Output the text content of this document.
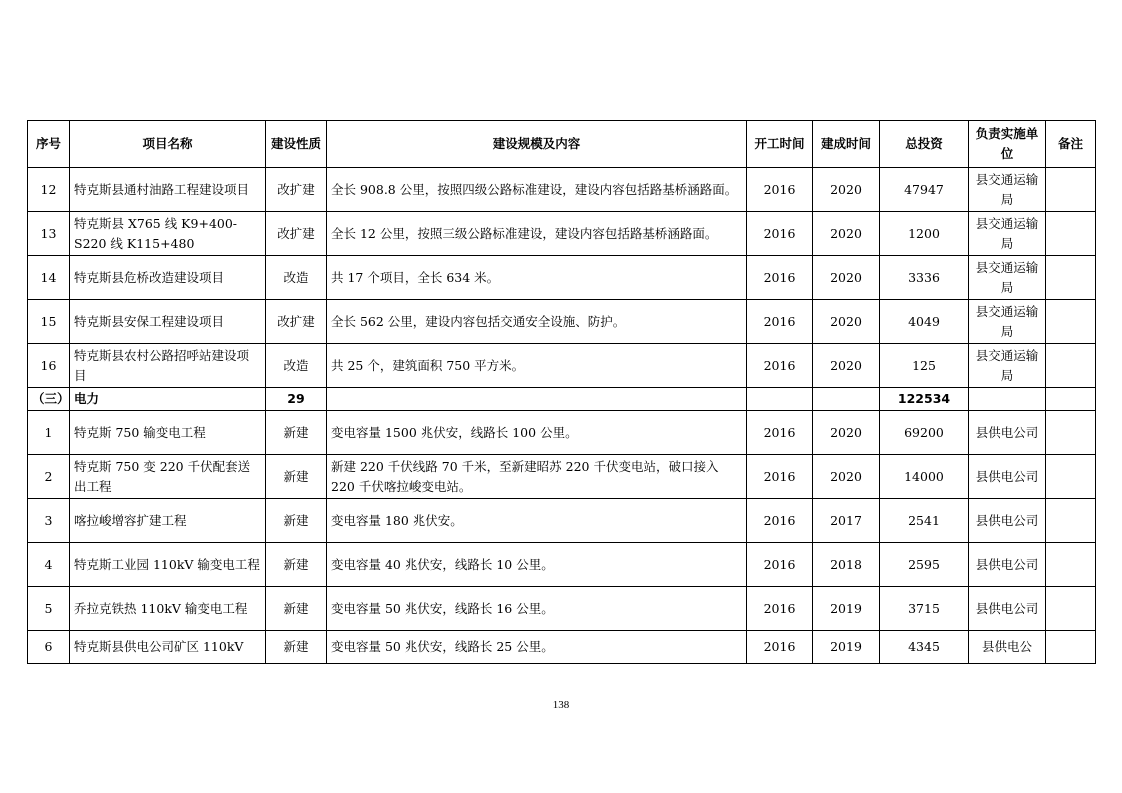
序号	项目名称	建设性质	建设规模及内容	开工时间	建成时间	总投资	负责实施单位	备注
12	特克斯县通村油路工程建设项目	改扩建	全长 908.8 公里，按照四级公路标准建设，建设内容包括路基桥涵路面。	2016	2020	47947	县交通运输局	
13	特克斯县 X765 线 K9+400-S220 线 K115+480	改扩建	全长 12 公里，按照三级公路标准建设，建设内容包括路基桥涵路面。	2016	2020	1200	县交通运输局	
14	特克斯县危桥改造建设项目	改造	共 17 个项目，全长 634 米。	2016	2020	3336	县交通运输局	
15	特克斯县安保工程建设项目	改扩建	全长 562 公里，建设内容包括交通安全设施、防护。	2016	2020	4049	县交通运输局	
16	特克斯县农村公路招呼站建设项目	改造	共 25 个，建筑面积 750 平方米。	2016	2020	125	县交通运输局	
（三）	电力	29				122534		
1	特克斯 750 输变电工程	新建	变电容量 1500 兆伏安，线路长 100 公里。	2016	2020	69200	县供电公司	
2	特克斯 750 变 220 千伏配套送出工程	新建	新建 220 千伏线路 70 千米，至新建昭苏 220 千伏变电站，破口接入 220 千伏喀拉峻变电站。	2016	2020	14000	县供电公司	
3	喀拉峻增容扩建工程	新建	变电容量 180 兆伏安。	2016	2017	2541	县供电公司	
4	特克斯工业园 110kV 输变电工程	新建	变电容量 40 兆伏安，线路长 10 公里。	2016	2018	2595	县供电公司	
5	乔拉克铁热 110kV 输变电工程	新建	变电容量 50 兆伏安，线路长 16 公里。	2016	2019	3715	县供电公司	
6	特克斯县供电公司矿区 110kV	新建	变电容量 50 兆伏安，线路长 25 公里。	2016	2019	4345	县供电公	
138
